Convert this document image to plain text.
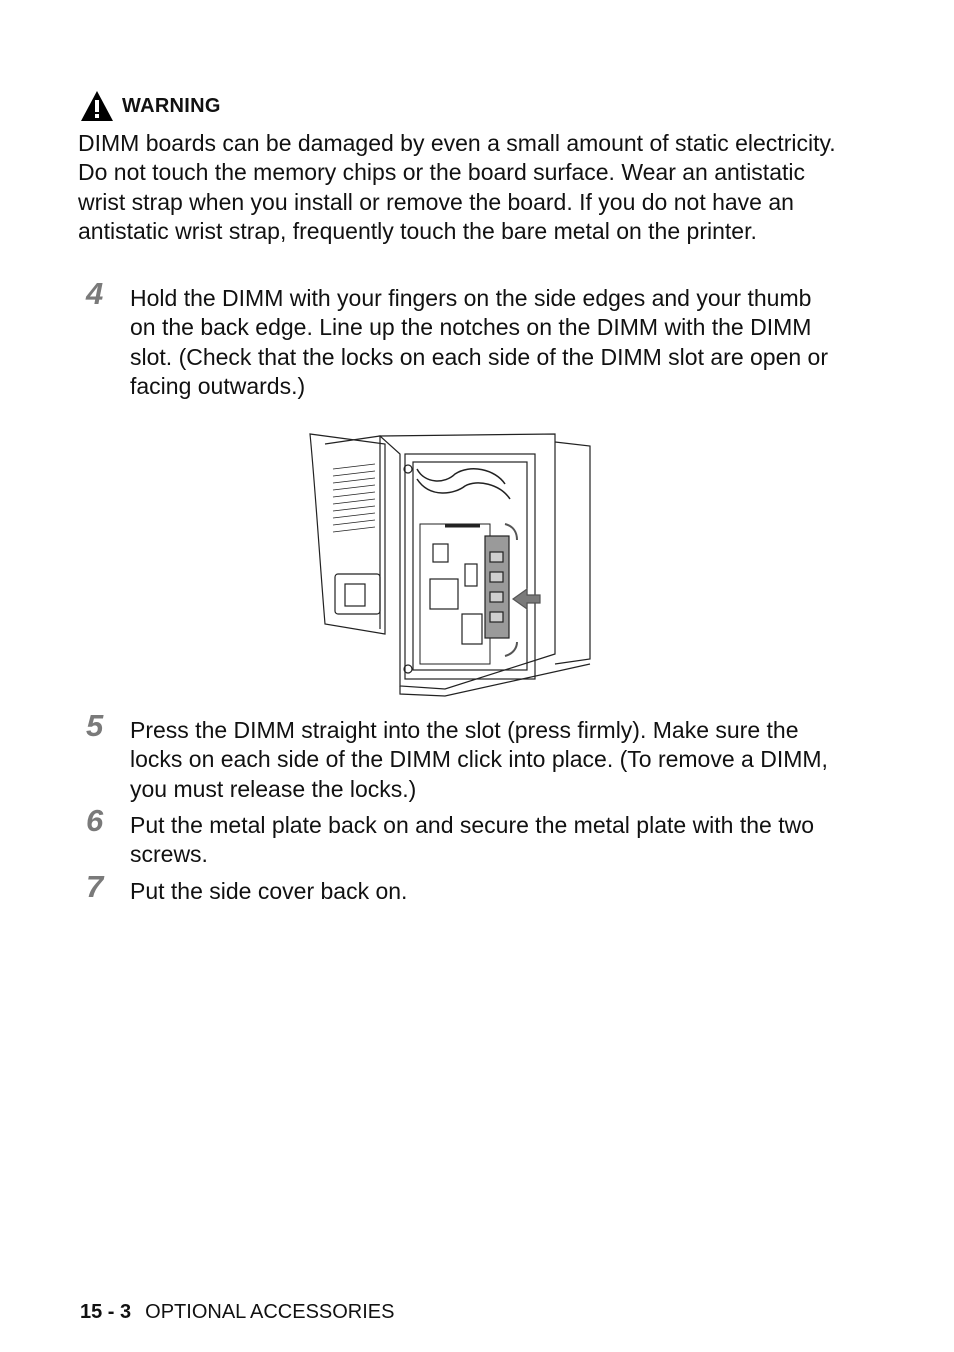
WARNING

DIMM boards can be damaged by even a small amount of static electricity. Do not touch the memory chips or the board surface. Wear an antistatic wrist strap when you install or remove the board. If you do not have an antistatic wrist strap, frequently touch the bare metal on the printer.

4	Hold the DIMM with your fingers on the side edges and your thumb on the back edge. Line up the notches on the DIMM with the DIMM slot. (Check that the locks on each side of the DIMM slot are open or facing outwards.)

5	Press the DIMM straight into the slot (press firmly). Make sure the locks on each side of the DIMM click into place. (To remove a DIMM, you must release the locks.)

6	Put the metal plate back on and secure the metal plate with the two screws.

7	Put the side cover back on.

15 - 3 OPTIONAL ACCESSORIES
